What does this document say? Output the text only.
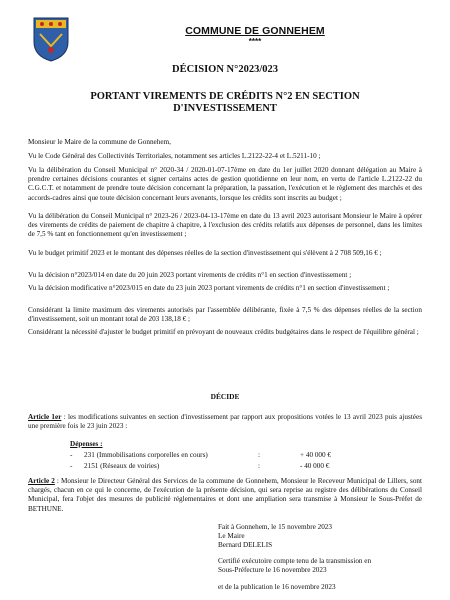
COMMUNE DE GONNEHEM
****
DÉCISION N°2023/023
PORTANT VIREMENTS DE CRÉDITS N°2 EN SECTION
D'INVESTISSEMENT
Monsieur le Maire de la commune de Gonnehem,
Vu le Code Général des Collectivités Territoriales, notamment ses articles L.2122-22-4 et L.5211-10 ;
Vu la délibération du Conseil Municipal n° 2020-34 / 2020-01-07-17ème en date du 1er juillet 2020 donnant délégation au Maire à prendre certaines décisions courantes et signer certains actes de gestion quotidienne en leur nom, en vertu de l'article L.2122-22 du C.G.C.T. et notamment de prendre toute décision concernant la préparation, la passation, l'exécution et le règlement des marchés et des accords-cadres ainsi que toute décision concernant leurs avenants, lorsque les crédits sont inscrits au budget ;
Vu la délibération du Conseil Municipal n° 2023-26 / 2023-04-13-17ème en date du 13 avril 2023 autorisant Monsieur le Maire à opérer des virements de crédits de paiement de chapitre à chapitre, à l'exclusion des crédits relatifs aux dépenses de personnel, dans les limites de 7,5 % tant en fonctionnement qu'en investissement ;
Vu le budget primitif 2023 et le montant des dépenses réelles de la section d'investissement qui s'élèvent à 2 708 509,16 € ;
Vu la décision n°2023/014 en date du 20 juin 2023 portant virements de crédits n°1 en section d'investissement ;
Vu la décision modificative n°2023/015 en date du 23 juin 2023 portant virements de crédits n°1 en section d'investissement ;
Considérant la limite maximum des virements autorisés par l'assemblée délibérante, fixée à 7,5 % des dépenses réelles de la section d'investissement, soit un montant total de 203 138,18 € ;
Considérant la nécessité d'ajuster le budget primitif en prévoyant de nouveaux crédits budgétaires dans le respect de l'équilibre général ;
DÉCIDE
Article 1er : les modifications suivantes en section d'investissement par rapport aux propositions votées le 13 avril 2023 puis ajustées une première fois le 23 juin 2023 :
Dépenses :
- 231 (Immobilisations corporelles en cours)	:	+ 40 000 €
- 2151 (Réseaux de voiries)	:	- 40 000 €
Article 2 : Monsieur le Directeur Général des Services de la commune de Gonnehem, Monsieur le Receveur Municipal de Lillers, sont chargés, chacun en ce qui le concerne, de l'exécution de la présente décision, qui sera reprise au registre des délibérations du Conseil Municipal, fera l'objet des mesures de publicité réglementaires et dont une ampliation sera transmise à Monsieur le Sous-Préfet de BETHUNE.
Fait à Gonnehem, le 15 novembre 2023
Le Maire
Bernard DELELIS
Certifié exécutoire compte tenu de la transmission en
Sous-Préfecture le 16 novembre 2023
et de la publication le 16 novembre 2023
